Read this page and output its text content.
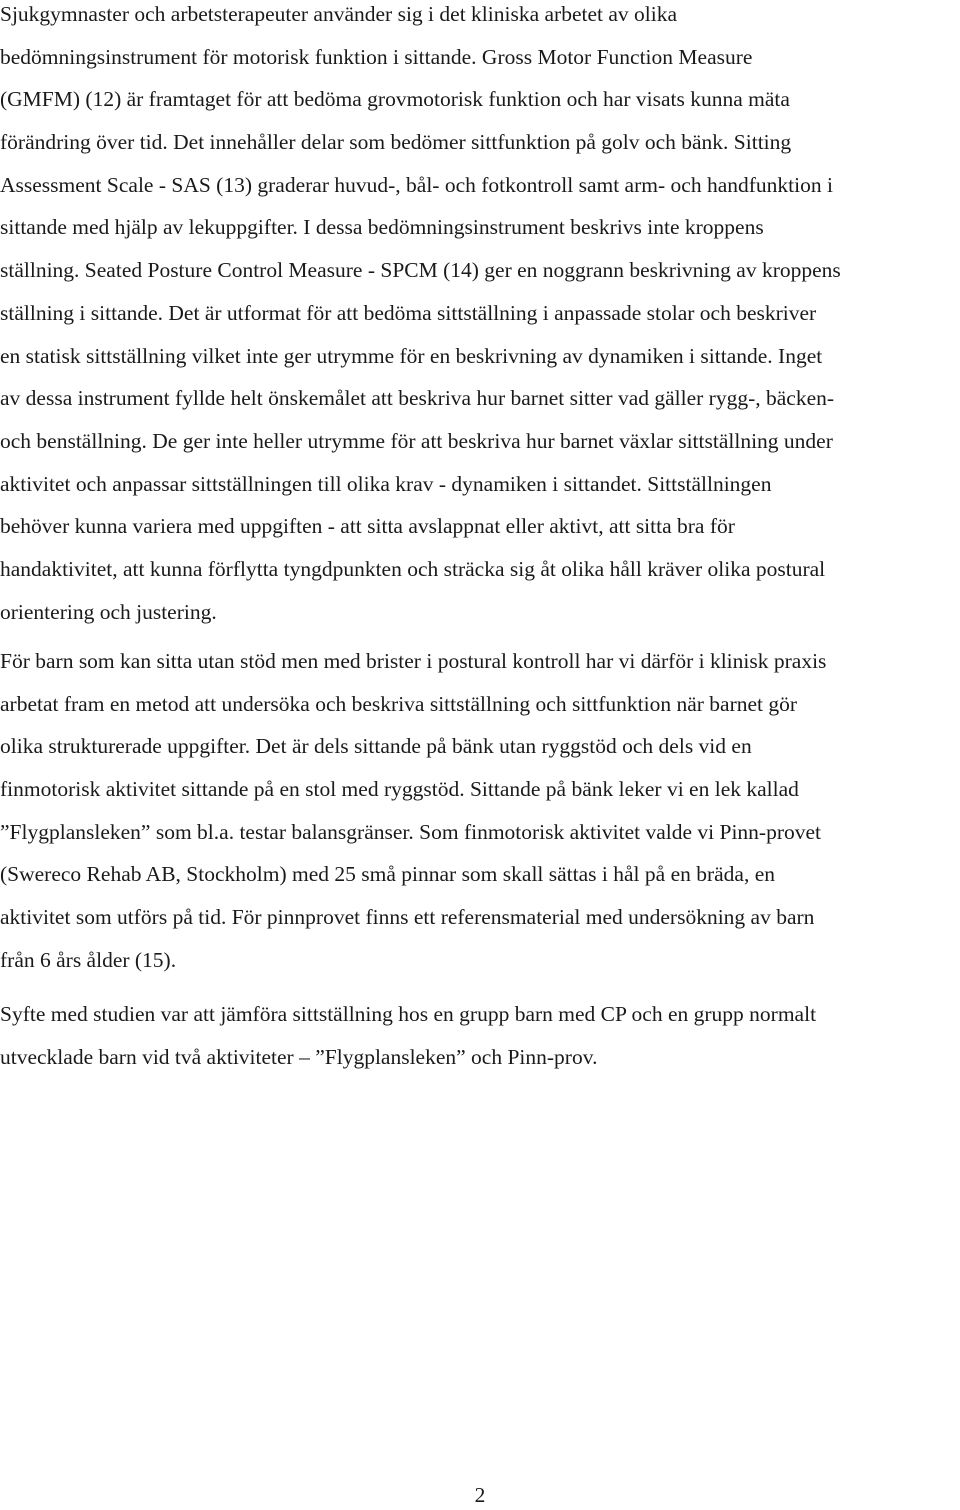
Sjukgymnaster och arbetsterapeuter använder sig i det kliniska arbetet av olika
bedömningsinstrument för motorisk funktion i sittande. Gross Motor Function Measure
(GMFM) (12) är framtaget för att bedöma grovmotorisk funktion och har visats kunna mäta
förändring över tid. Det innehåller delar som bedömer sittfunktion på golv och bänk. Sitting
Assessment Scale - SAS (13) graderar huvud-, bål- och fotkontroll samt arm- och handfunktion i
sittande med hjälp av lekuppgifter. I dessa bedömningsinstrument beskrivs inte kroppens
ställning. Seated Posture Control Measure - SPCM (14) ger en noggrann beskrivning av kroppens
ställning i sittande. Det är utformat för att bedöma sittställning i anpassade stolar och beskriver
en statisk sittställning vilket inte ger utrymme för en beskrivning av dynamiken i sittande. Inget
av dessa instrument fyllde helt önskemålet att beskriva hur barnet sitter vad gäller rygg-, bäcken-
och benställning. De ger inte heller utrymme för att beskriva hur barnet växlar sittställning under
aktivitet och anpassar sittställningen till olika krav - dynamiken i sittandet. Sittställningen
behöver kunna variera med uppgiften - att sitta avslappnat eller aktivt, att sitta bra för
handaktivitet, att kunna förflytta tyngdpunkten och sträcka sig åt olika håll kräver olika postural
orientering och justering.
För barn som kan sitta utan stöd men med brister i postural kontroll har vi därför i klinisk praxis
arbetat fram en metod att undersöka och beskriva sittställning och sittfunktion när barnet gör
olika strukturerade uppgifter. Det är dels sittande på bänk utan ryggstöd och dels vid en
finmotorisk aktivitet sittande på en stol med ryggstöd. Sittande på bänk leker vi en lek kallad
”Flygplansleken” som bl.a. testar balansgränser. Som finmotorisk aktivitet valde vi Pinn-provet
(Swereco Rehab AB, Stockholm) med 25 små pinnar som skall sättas i hål på en bräda, en
aktivitet som utförs på tid. För pinnprovet finns ett referensmaterial med undersökning av barn
från 6 års ålder (15).
Syfte med studien var att jämföra sittställning hos en grupp barn med CP och en grupp normalt
utvecklade barn vid två aktiviteter – ”Flygplansleken” och Pinn-prov.
2
